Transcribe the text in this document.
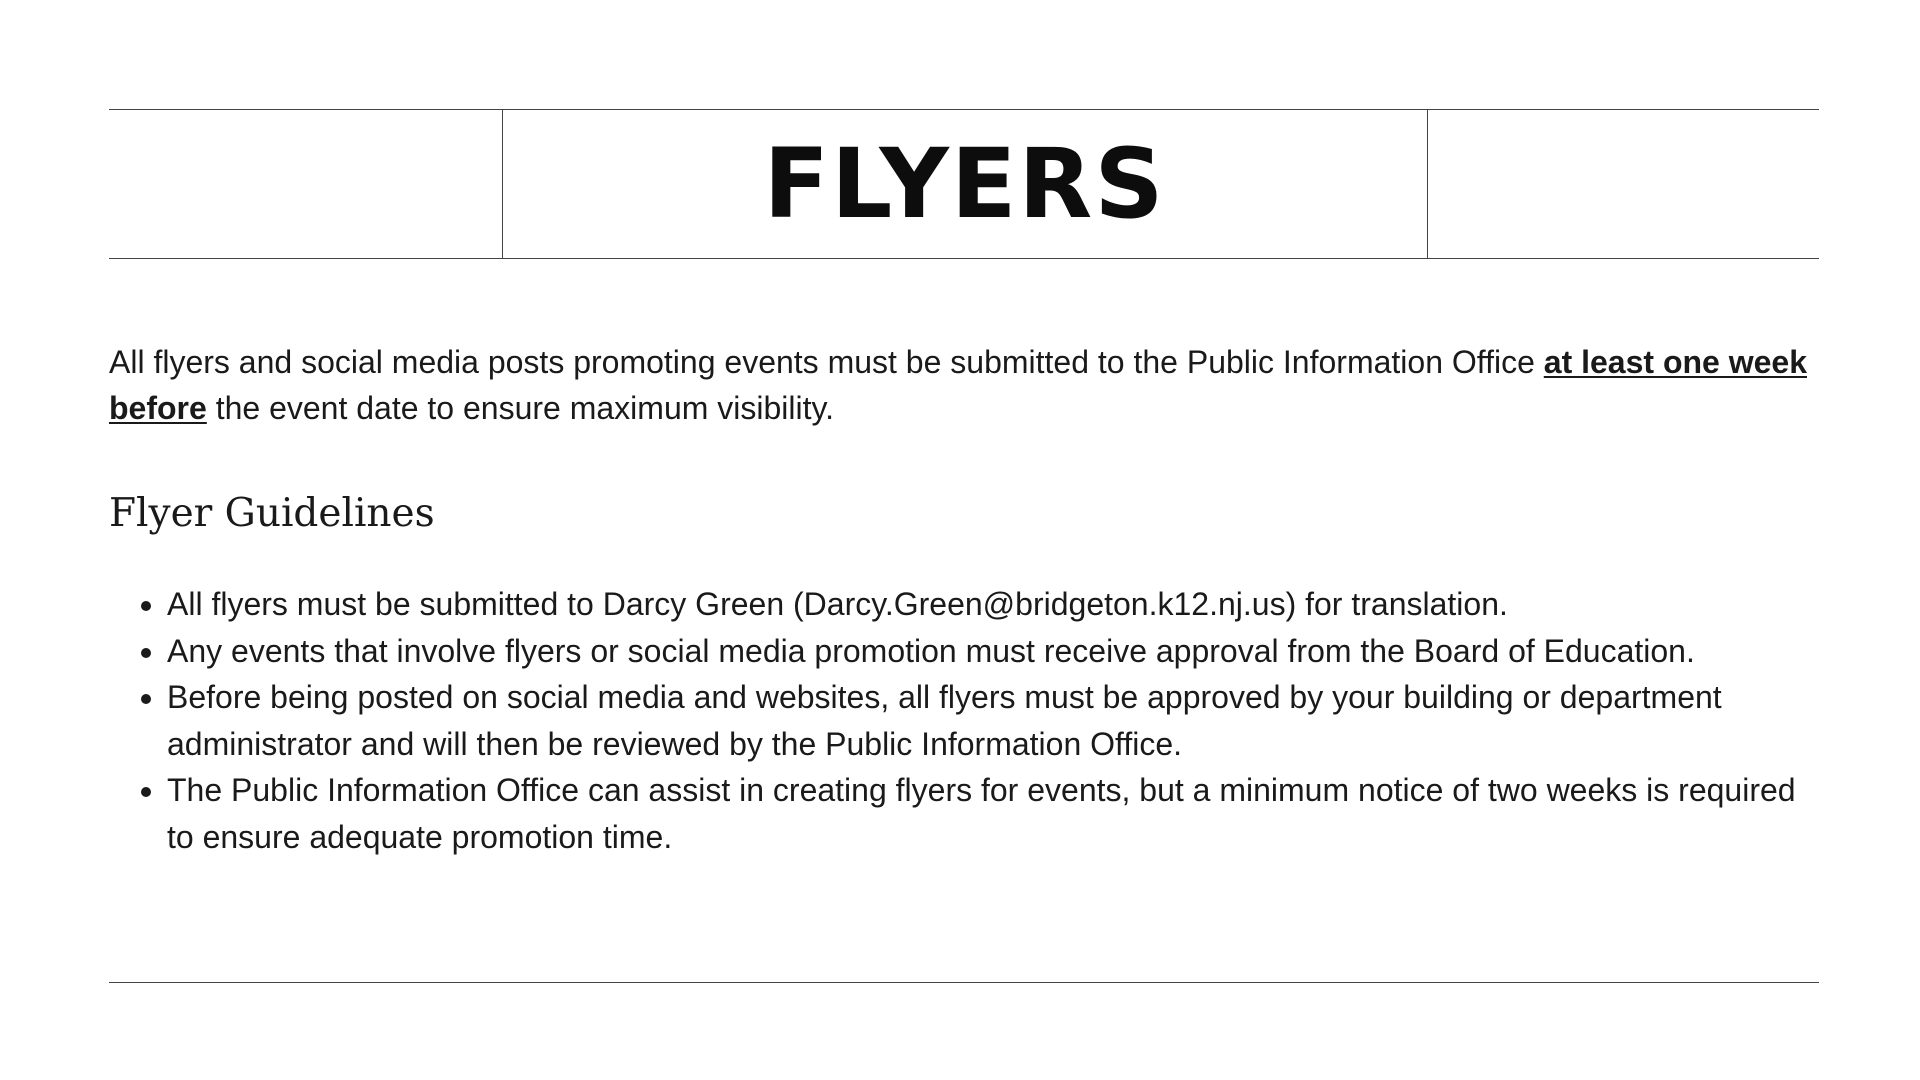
FLYERS

All flyers and social media posts promoting events must be submitted to the Public Information Office at least one week before the event date to ensure maximum visibility.

Flyer Guidelines
• All flyers must be submitted to Darcy Green (Darcy.Green@bridgeton.k12.nj.us) for translation.
• Any events that involve flyers or social media promotion must receive approval from the Board of Education.
• Before being posted on social media and websites, all flyers must be approved by your building or department administrator and will then be reviewed by the Public Information Office.
• The Public Information Office can assist in creating flyers for events, but a minimum notice of two weeks is required to ensure adequate promotion time.
